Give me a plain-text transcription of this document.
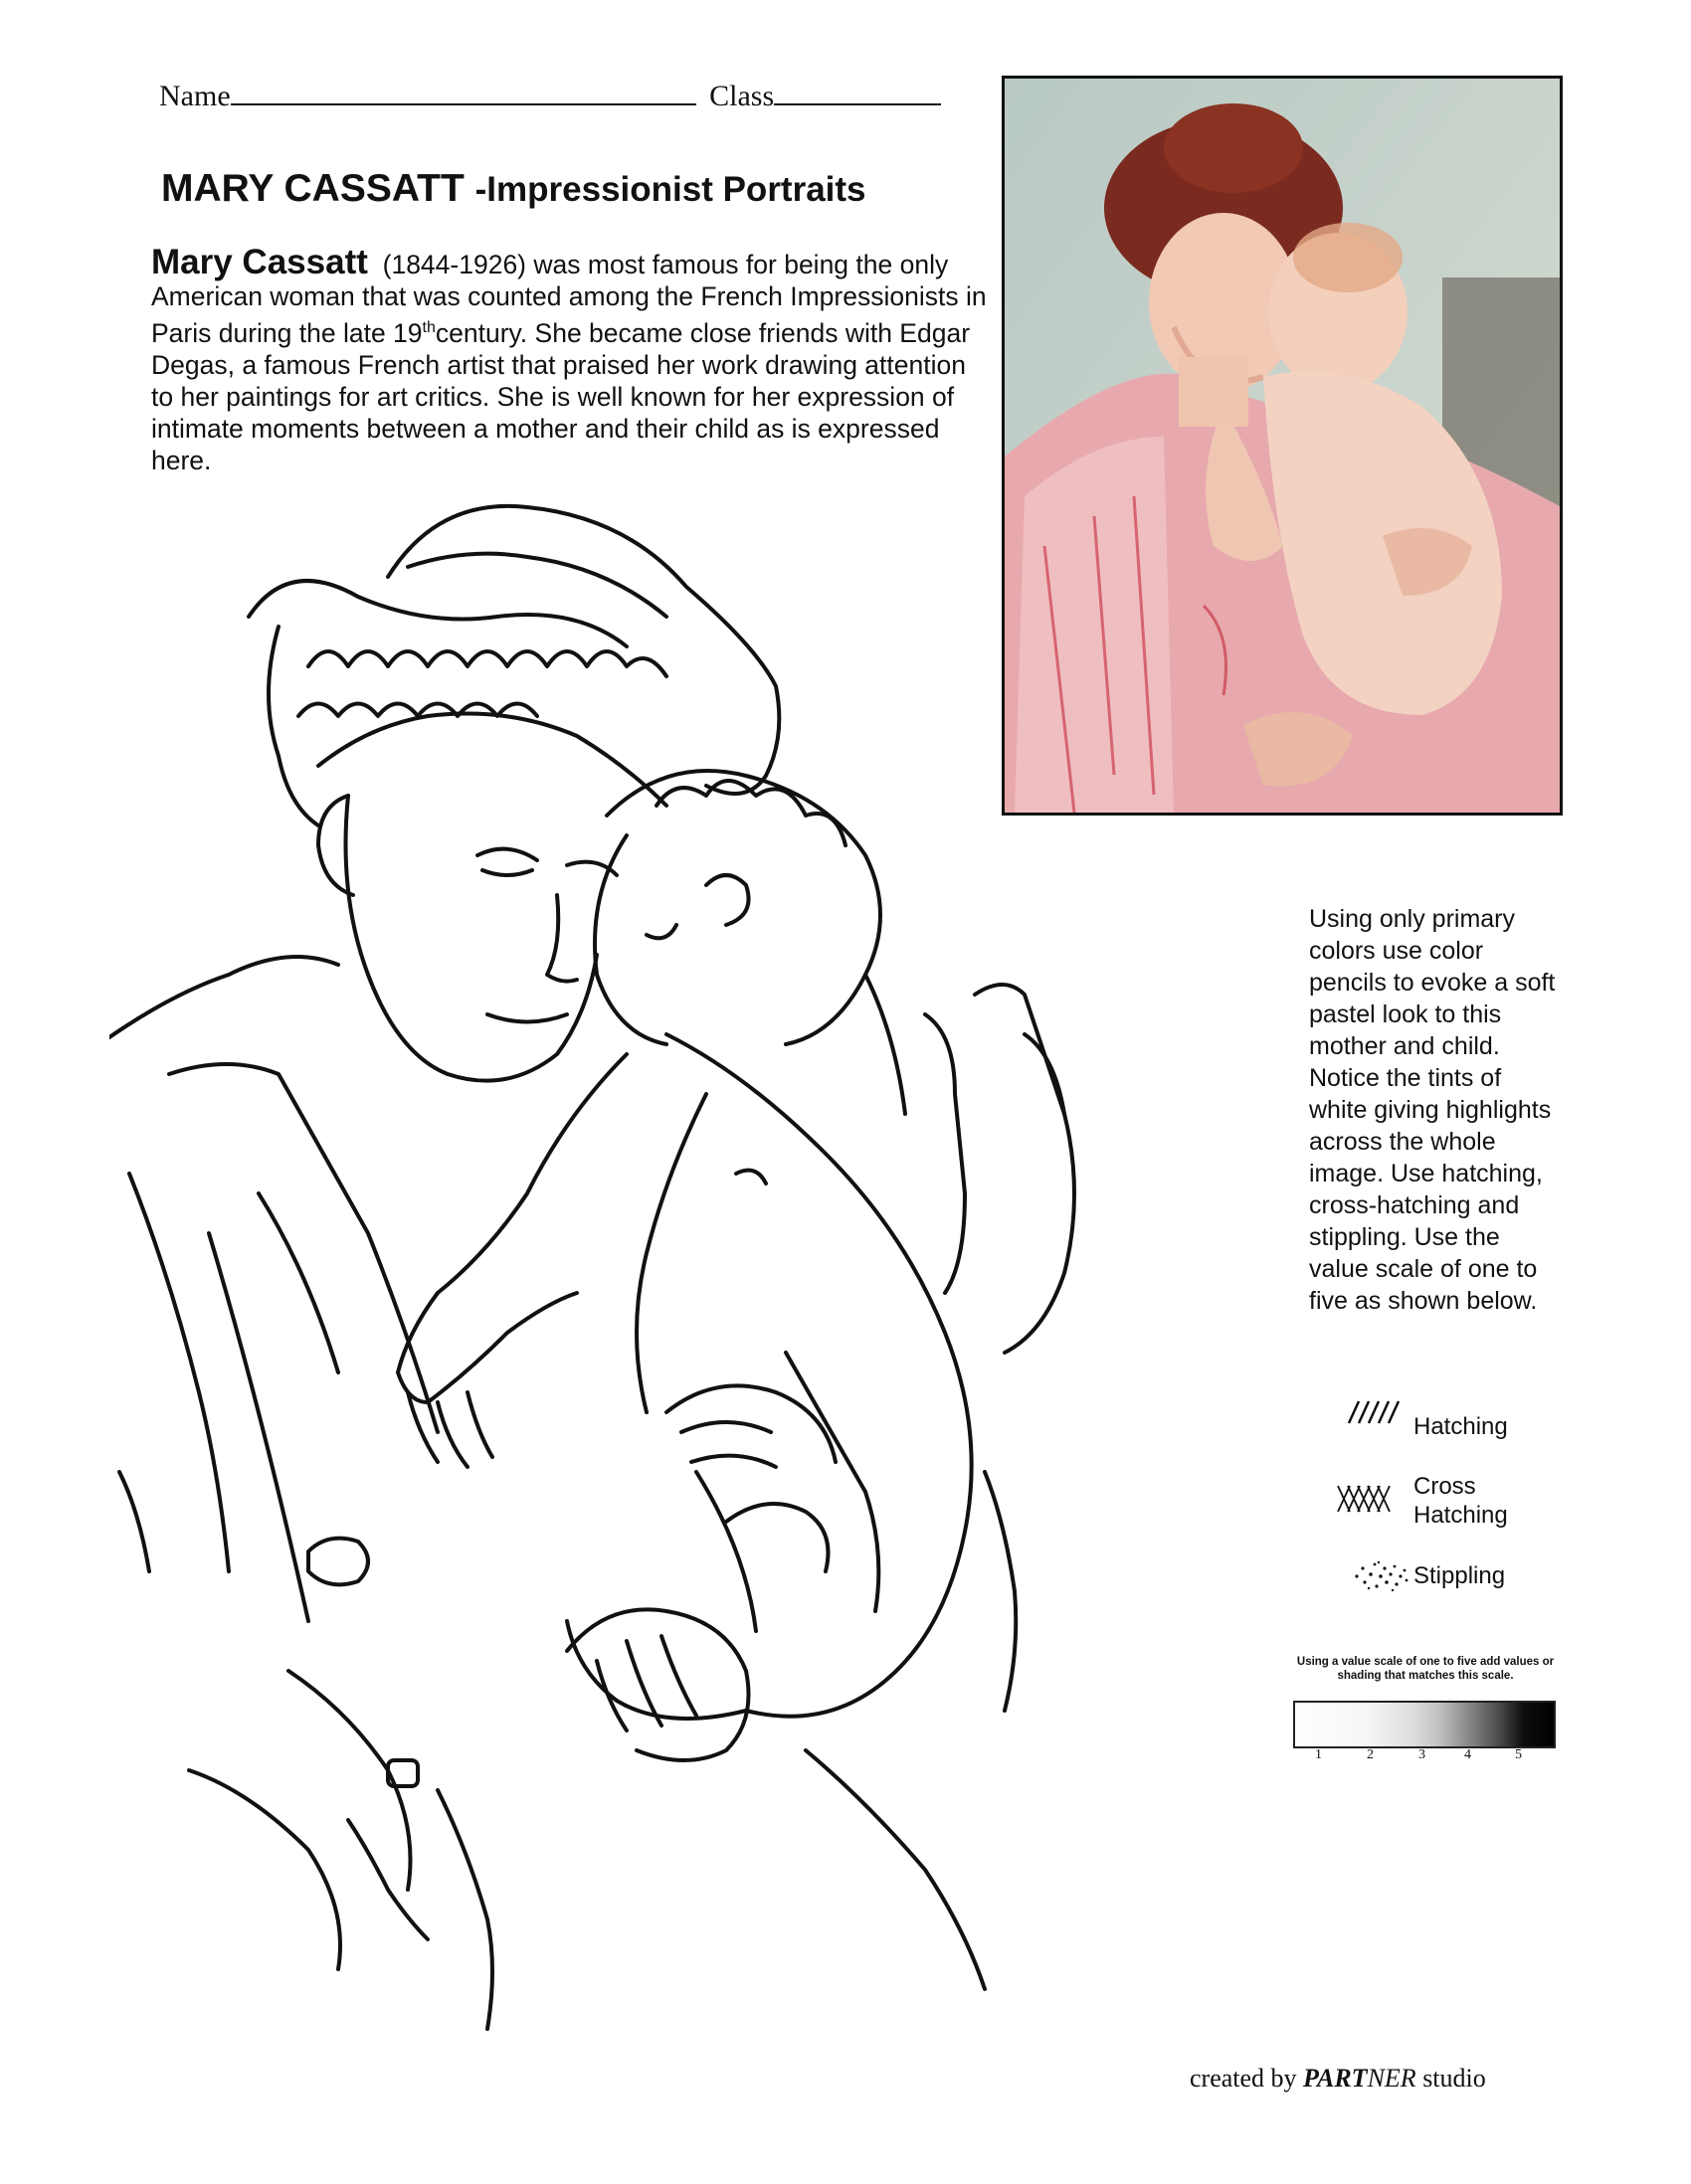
Name	Class
MARY CASSATT -Impressionist Portraits
Mary Cassatt (1844-1926) was most famous for being the only American woman that was counted among the French Impressionists in Paris during the late 19thcentury. She became close friends with Edgar Degas, a famous French artist that praised her work drawing attention to her paintings for art critics. She is well known for her expression of intimate moments between a mother and their child as is expressed here.
Using only primary colors use color pencils to evoke a soft pastel look to this mother and child. Notice the tints of white giving highlights across the whole image. Use hatching, cross-hatching and stippling. Use the value scale of one to five as shown below.
Hatching
Cross
Hatching
Stippling
Using a value scale of one to five add values or shading that matches this scale.
1	2	3	4	5
created by PARTNER studio
